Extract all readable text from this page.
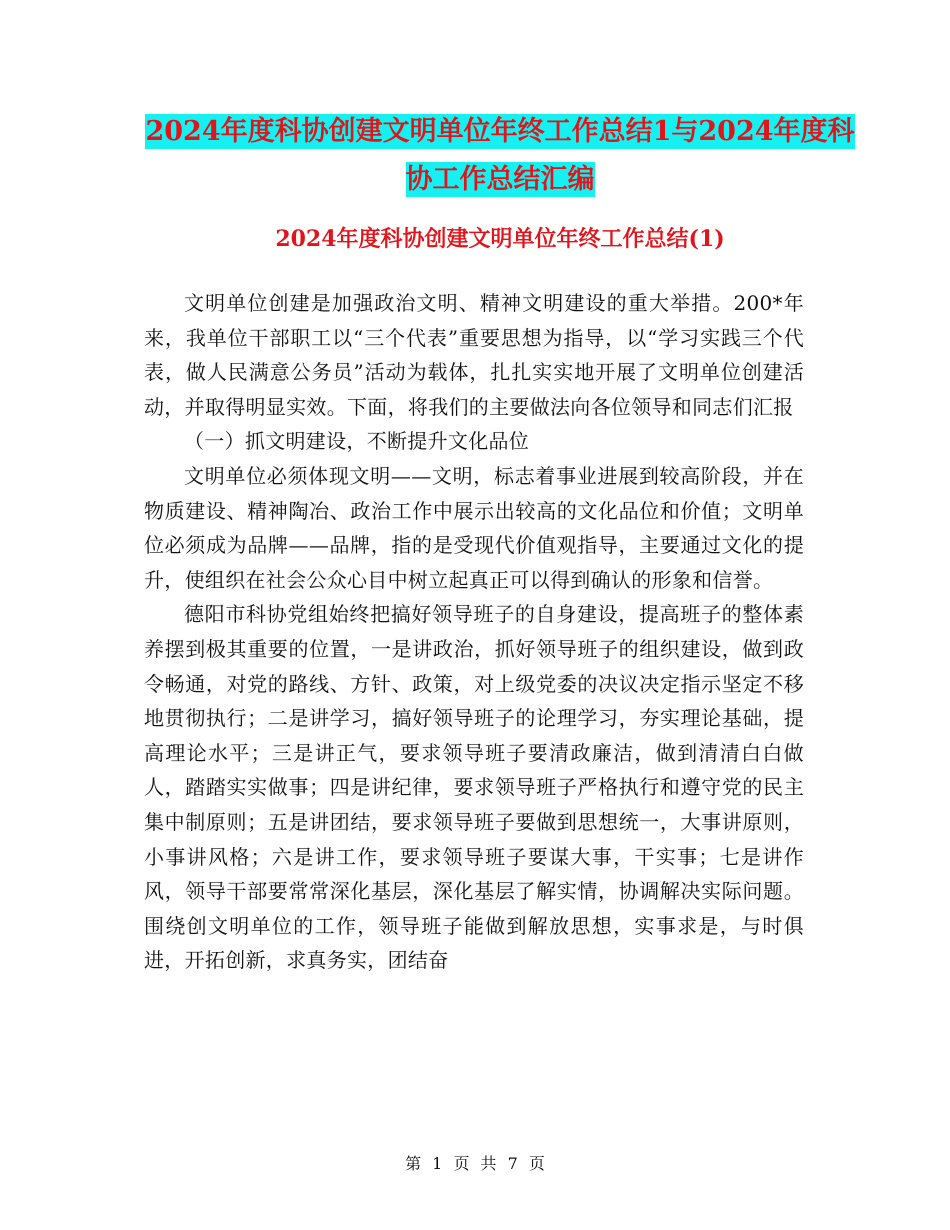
2024年度科协创建文明单位年终工作总结1与2024年度科协工作总结汇编
2024年度科协创建文明单位年终工作总结(1)

文明单位创建是加强政治文明、精神文明建设的重大举措。200*年来，我单位干部职工以“三个代表”重要思想为指导，以“学习实践三个代表，做人民满意公务员”活动为载体，扎扎实实地开展了文明单位创建活动，并取得明显实效。下面，将我们的主要做法向各位领导和同志们汇报

（一）抓文明建设，不断提升文化品位

文明单位必须体现文明——文明，标志着事业进展到较高阶段，并在物质建设、精神陶冶、政治工作中展示出较高的文化品位和价值；文明单位必须成为品牌——品牌，指的是受现代价值观指导，主要通过文化的提升，使组织在社会公众心目中树立起真正可以得到确认的形象和信誉。

德阳市科协党组始终把搞好领导班子的自身建设，提高班子的整体素养摆到极其重要的位置，一是讲政治，抓好领导班子的组织建设，做到政令畅通，对党的路线、方针、政策，对上级党委的决议决定指示坚定不移地贯彻执行；二是讲学习，搞好领导班子的论理学习，夯实理论基础，提高理论水平；三是讲正气，要求领导班子要清政廉洁，做到清清白白做人，踏踏实实做事；四是讲纪律，要求领导班子严格执行和遵守党的民主集中制原则；五是讲团结，要求领导班子要做到思想统一，大事讲原则，小事讲风格；六是讲工作，要求领导班子要谋大事，干实事；七是讲作风，领导干部要常常深化基层，深化基层了解实情，协调解决实际问题。围绕创文明单位的工作，领导班子能做到解放思想，实事求是，与时俱进，开拓创新，求真务实，团结奋

第 1 页 共 7 页
